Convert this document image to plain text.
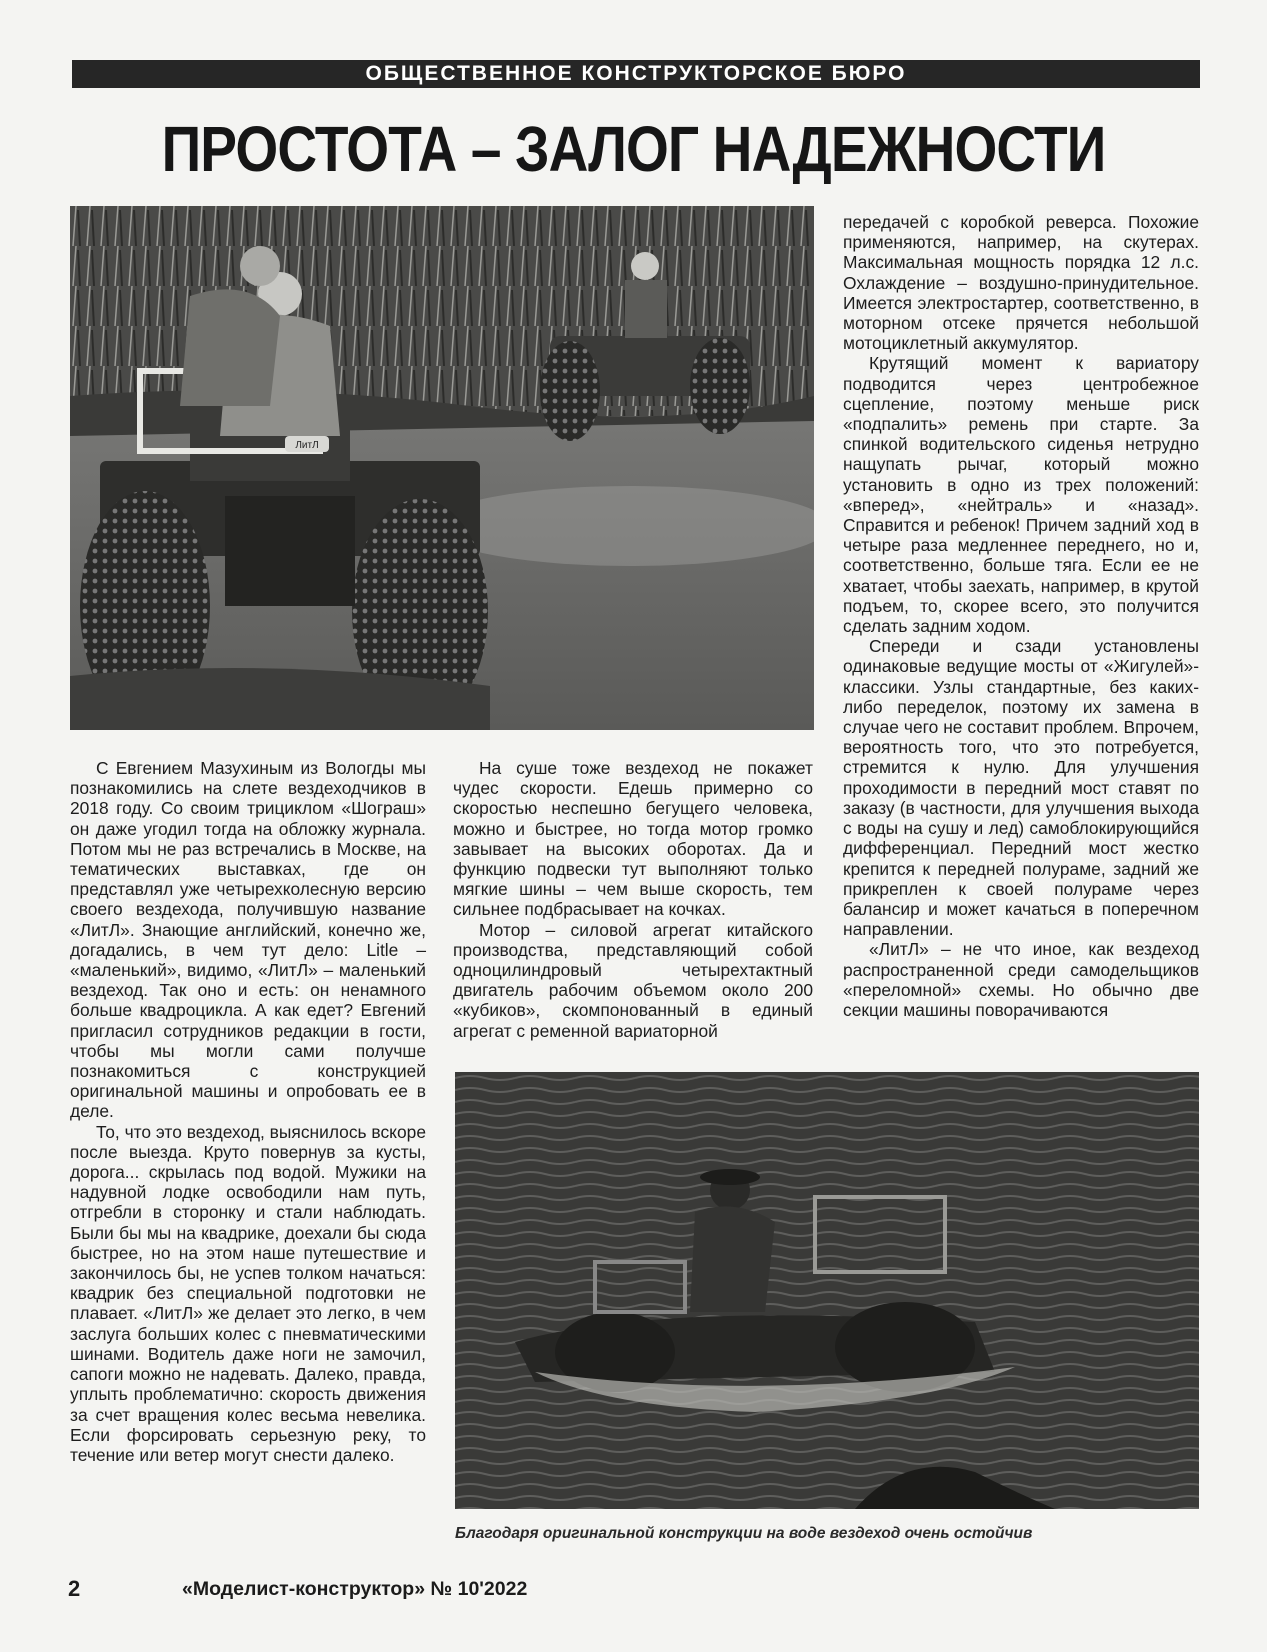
ОБЩЕСТВЕННОЕ КОНСТРУКТОРСКОЕ БЮРО
ПРОСТОТА – ЗАЛОГ НАДЕЖНОСТИ
ЛитЛ

С Евгением Мазухиным из Вологды мы познакомились на слете вездеходчиков в 2018 году. Со своим трициклом «Шограш» он даже угодил тогда на обложку журнала. Потом мы не раз встречались в Москве, на тематических выставках, где он представлял уже четырехколесную версию своего вездехода, получившую название «ЛитЛ». Знающие английский, конечно же, догадались, в чем тут дело: Litle – «маленький», видимо, «ЛитЛ» – маленький вездеход. Так оно и есть: он ненамного больше квадроцикла. А как едет? Евгений пригласил сотрудников редакции в гости, чтобы мы могли сами получше познакомиться с конструкцией оригинальной машины и опробовать ее в деле.

То, что это вездеход, выяснилось вскоре после выезда. Круто повернув за кусты, дорога... скрылась под водой. Мужики на надувной лодке освободили нам путь, отгребли в сторонку и стали наблюдать. Были бы мы на квадрике, доехали бы сюда быстрее, но на этом наше путешествие и закончилось бы, не успев толком начаться: квадрик без специальной подготовки не плавает. «ЛитЛ» же делает это легко, в чем заслуга больших колес с пневматическими шинами. Водитель даже ноги не замочил, сапоги можно не надевать. Далеко, правда, уплыть проблематично: скорость движения за счет вращения колес весьма невелика. Если форсировать серьезную реку, то течение или ветер могут снести далеко.

На суше тоже вездеход не покажет чудес скорости. Едешь примерно со скоростью неспешно бегущего человека, можно и быстрее, но тогда мотор громко завывает на высоких оборотах. Да и функцию подвески тут выполняют только мягкие шины – чем выше скорость, тем сильнее подбрасывает на кочках.

Мотор – силовой агрегат китайского производства, представляющий собой одноцилиндровый четырехтактный двигатель рабочим объемом около 200 «кубиков», скомпонованный в единый агрегат с ременной вариаторной

передачей с коробкой реверса. Похожие применяются, например, на скутерах. Максимальная мощность порядка 12 л.с. Охлаждение – воздушно-принудительное. Имеется электростартер, соответственно, в моторном отсеке прячется небольшой мотоциклетный аккумулятор.

Крутящий момент к вариатору подводится через центробежное сцепление, поэтому меньше риск «подпалить» ремень при старте. За спинкой водительского сиденья нетрудно нащупать рычаг, который можно установить в одно из трех положений: «вперед», «нейтраль» и «назад». Справится и ребенок! Причем задний ход в четыре раза медленнее переднего, но и, соответственно, больше тяга. Если ее не хватает, чтобы заехать, например, в крутой подъем, то, скорее всего, это получится сделать задним ходом.

Спереди и сзади установлены одинаковые ведущие мосты от «Жигулей»-классики. Узлы стандартные, без каких-либо переделок, поэтому их замена в случае чего не составит проблем. Впрочем, вероятность того, что это потребуется, стремится к нулю. Для улучшения проходимости в передний мост ставят по заказу (в частности, для улучшения выхода с воды на сушу и лед) самоблокирующийся дифференциал. Передний мост жестко крепится к передней полураме, задний же прикреплен к своей полураме через балансир и может качаться в поперечном направлении.

«ЛитЛ» – не что иное, как вездеход распространенной среди самодельщиков «переломной» схемы. Но обычно две секции машины поворачиваются

Благодаря оригинальной конструкции на воде вездеход очень остойчив
2	«Моделист-конструктор» № 10'2022
